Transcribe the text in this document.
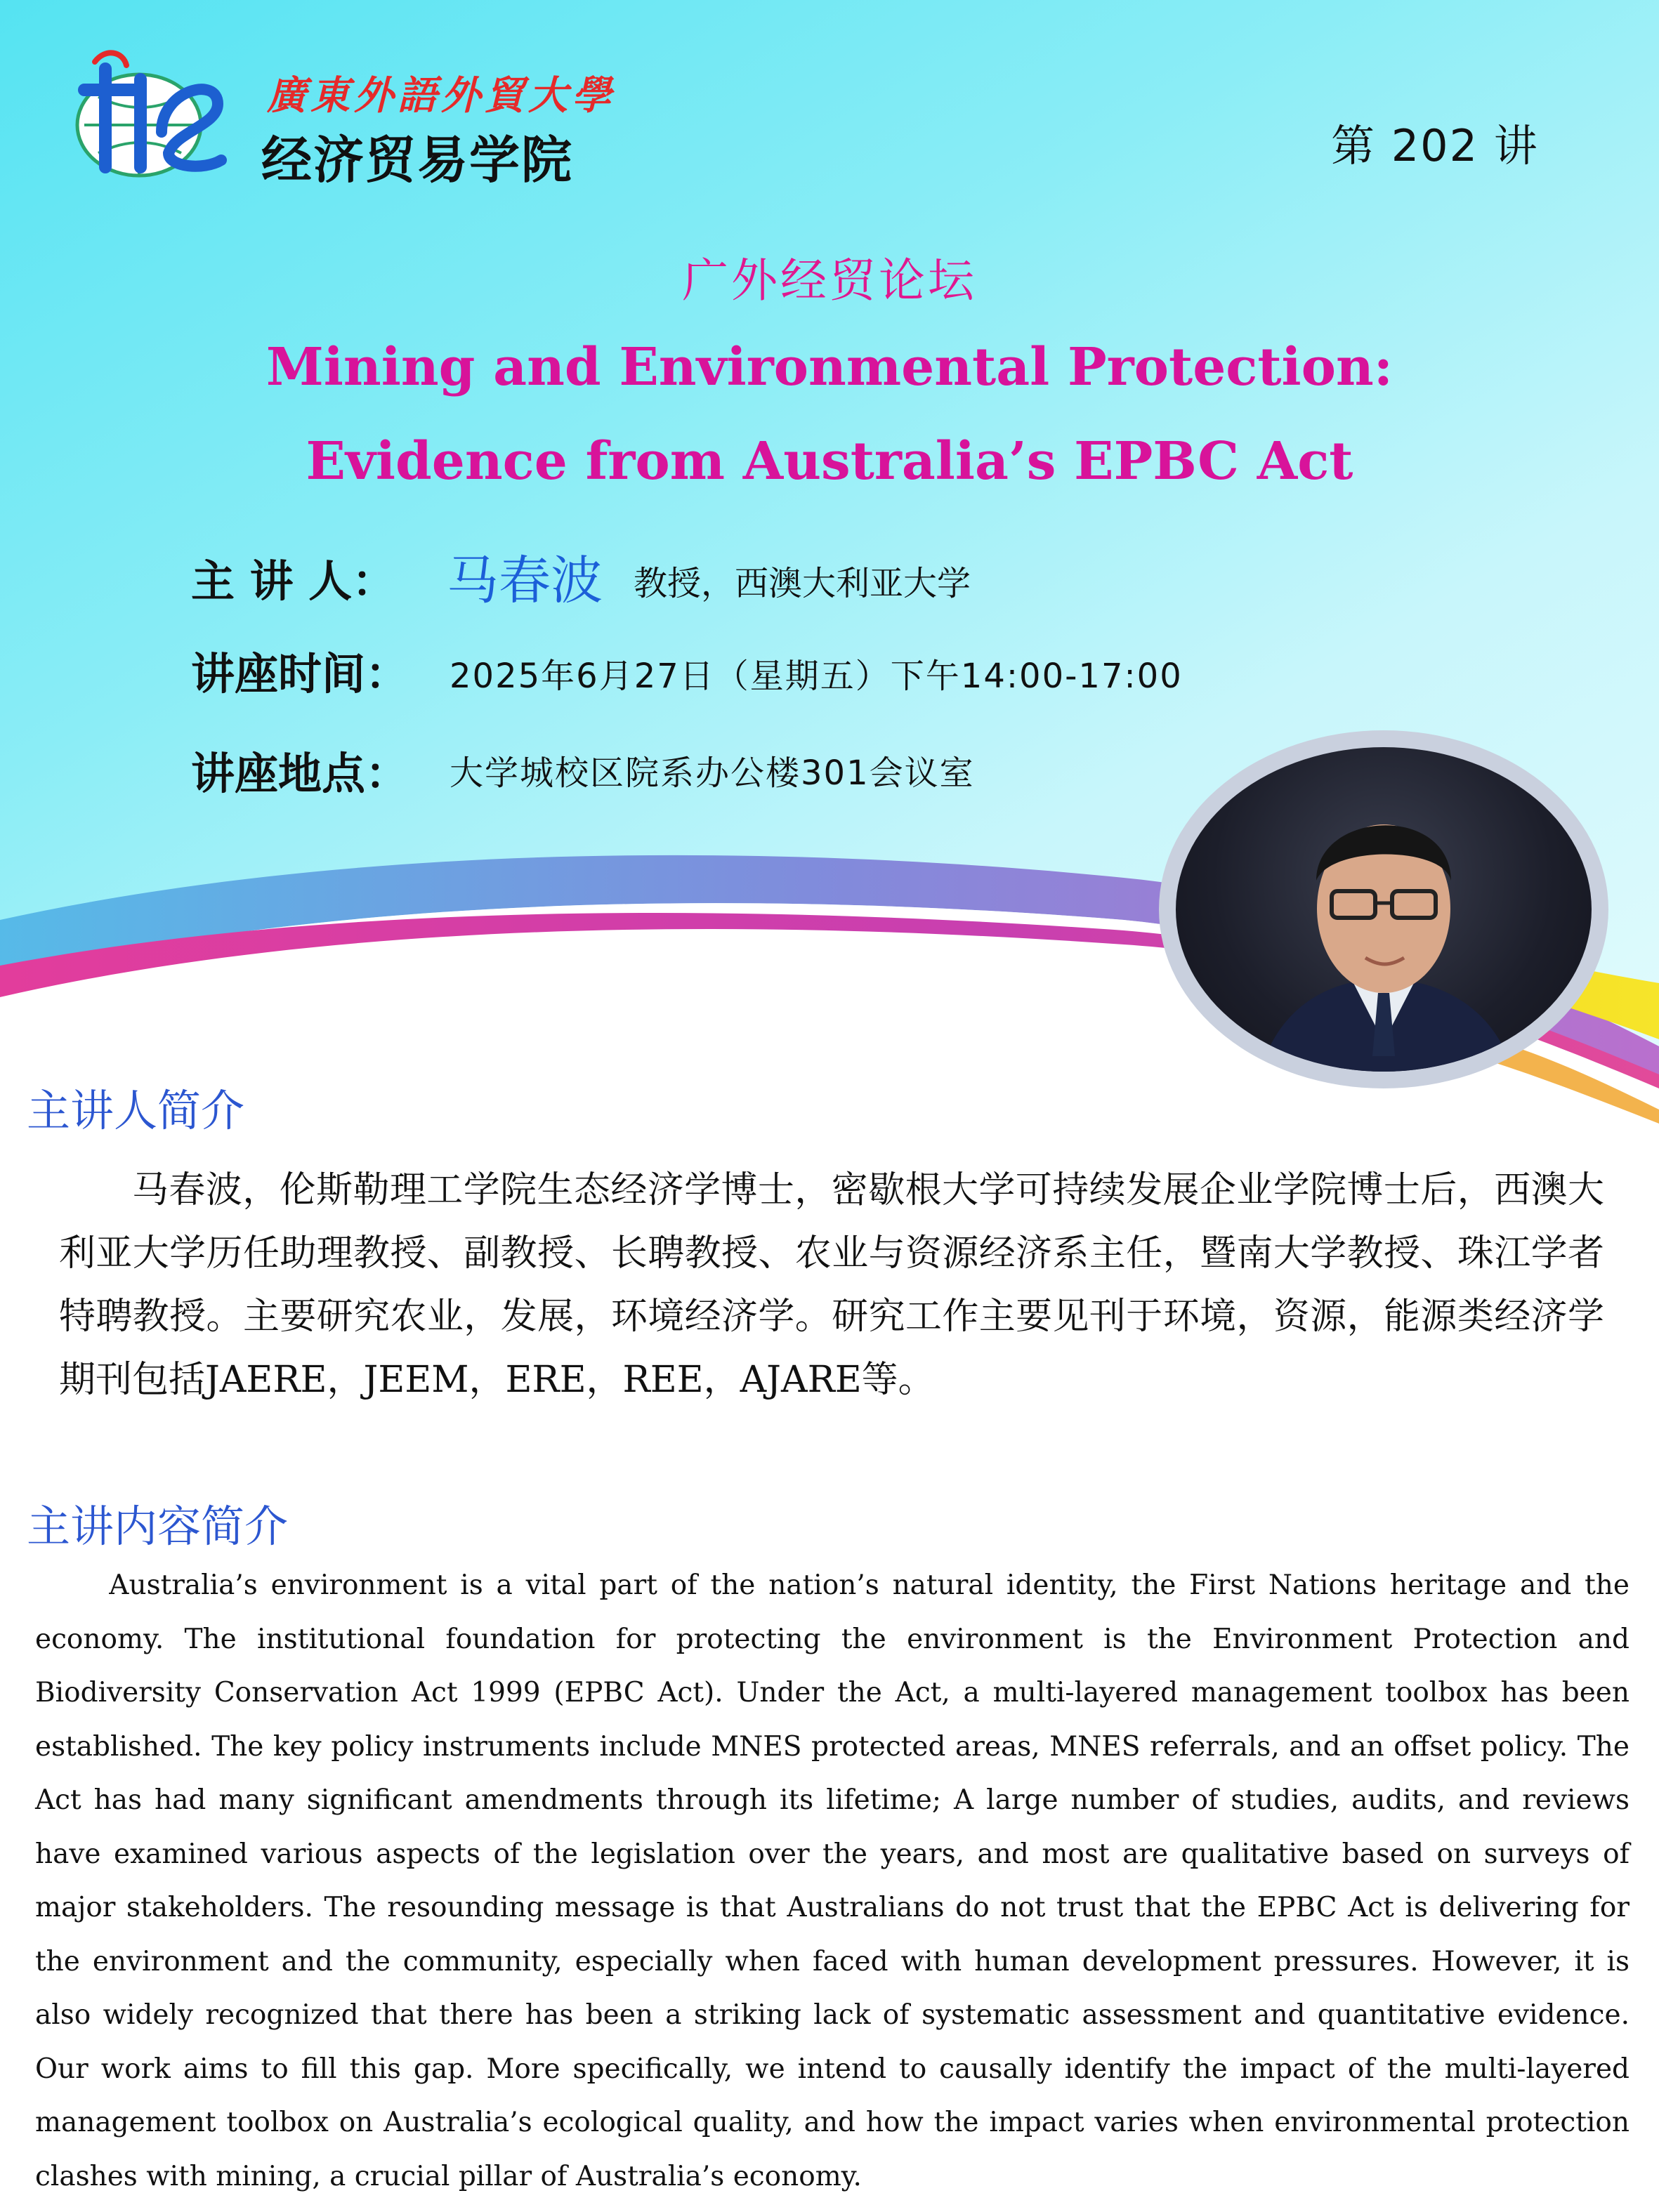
廣東外語外貿大學
经济贸易学院	第 202 讲
广外经贸论坛
Mining and Environmental Protection:
Evidence from Australia’s EPBC Act
主 讲 人： 马春波 教授，西澳大利亚大学
讲座时间： 2025年6月27日（星期五）下午14:00-17:00
讲座地点： 大学城校区院系办公楼301会议室
主讲人简介
马春波，伦斯勒理工学院生态经济学博士，密歇根大学可持续发展企业学院博士后，西澳大利亚大学历任助理教授、副教授、长聘教授、农业与资源经济系主任，暨南大学教授、珠江学者特聘教授。主要研究农业，发展，环境经济学。研究工作主要见刊于环境，资源，能源类经济学期刊包括JAERE，JEEM，ERE，REE，AJARE等。
主讲内容简介
Australia’s environment is a vital part of the nation’s natural identity, the First Nations heritage and the economy. The institutional foundation for protecting the environment is the Environment Protection and Biodiversity Conservation Act 1999 (EPBC Act). Under the Act, a multi-layered management toolbox has been established. The key policy instruments include MNES protected areas, MNES referrals, and an offset policy. The Act has had many significant amendments through its lifetime; A large number of studies, audits, and reviews have examined various aspects of the legislation over the years, and most are qualitative based on surveys of major stakeholders. The resounding message is that Australians do not trust that the EPBC Act is delivering for the environment and the community, especially when faced with human development pressures. However, it is also widely recognized that there has been a striking lack of systematic assessment and quantitative evidence. Our work aims to fill this gap. More specifically, we intend to causally identify the impact of the multi-layered management toolbox on Australia’s ecological quality, and how the impact varies when environmental protection clashes with mining, a crucial pillar of Australia’s economy.
